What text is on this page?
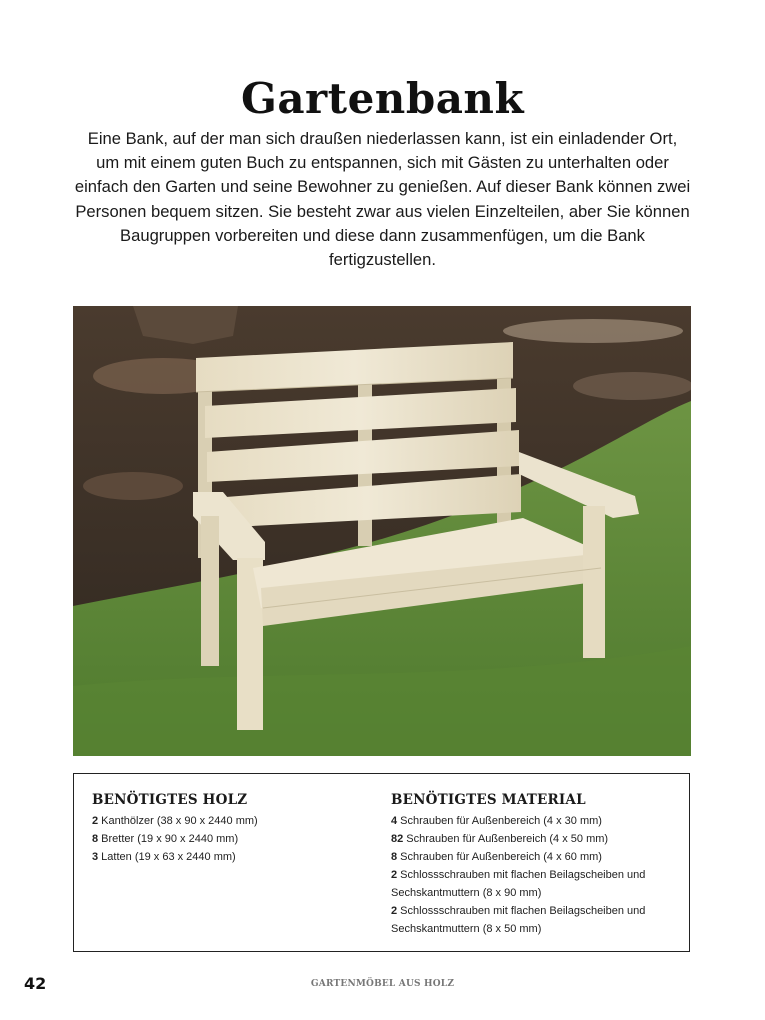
Gartenbank

Eine Bank, auf der man sich draußen niederlassen kann, ist ein einladender Ort, um mit einem guten Buch zu entspannen, sich mit Gästen zu unterhalten oder einfach den Garten und seine Bewohner zu genießen. Auf dieser Bank können zwei Personen bequem sitzen. Sie besteht zwar aus vielen Einzelteilen, aber Sie können Baugruppen vorbereiten und diese dann zusammenfügen, um die Bank fertigzustellen.

BENÖTIGTES HOLZ
2 Kanthölzer (38 x 90 x 2440 mm)
8 Bretter (19 x 90 x 2440 mm)
3 Latten (19 x 63 x 2440 mm)
BENÖTIGTES MATERIAL
4 Schrauben für Außenbereich (4 x 30 mm)
82 Schrauben für Außenbereich (4 x 50 mm)
8 Schrauben für Außenbereich (4 x 60 mm)
2 Schlossschrauben mit flachen Beilagscheiben und Sechskantmuttern (8 x 90 mm)
2 Schlossschrauben mit flachen Beilagscheiben und Sechskantmuttern (8 x 50 mm)
42	GARTENMÖBEL AUS HOLZ
